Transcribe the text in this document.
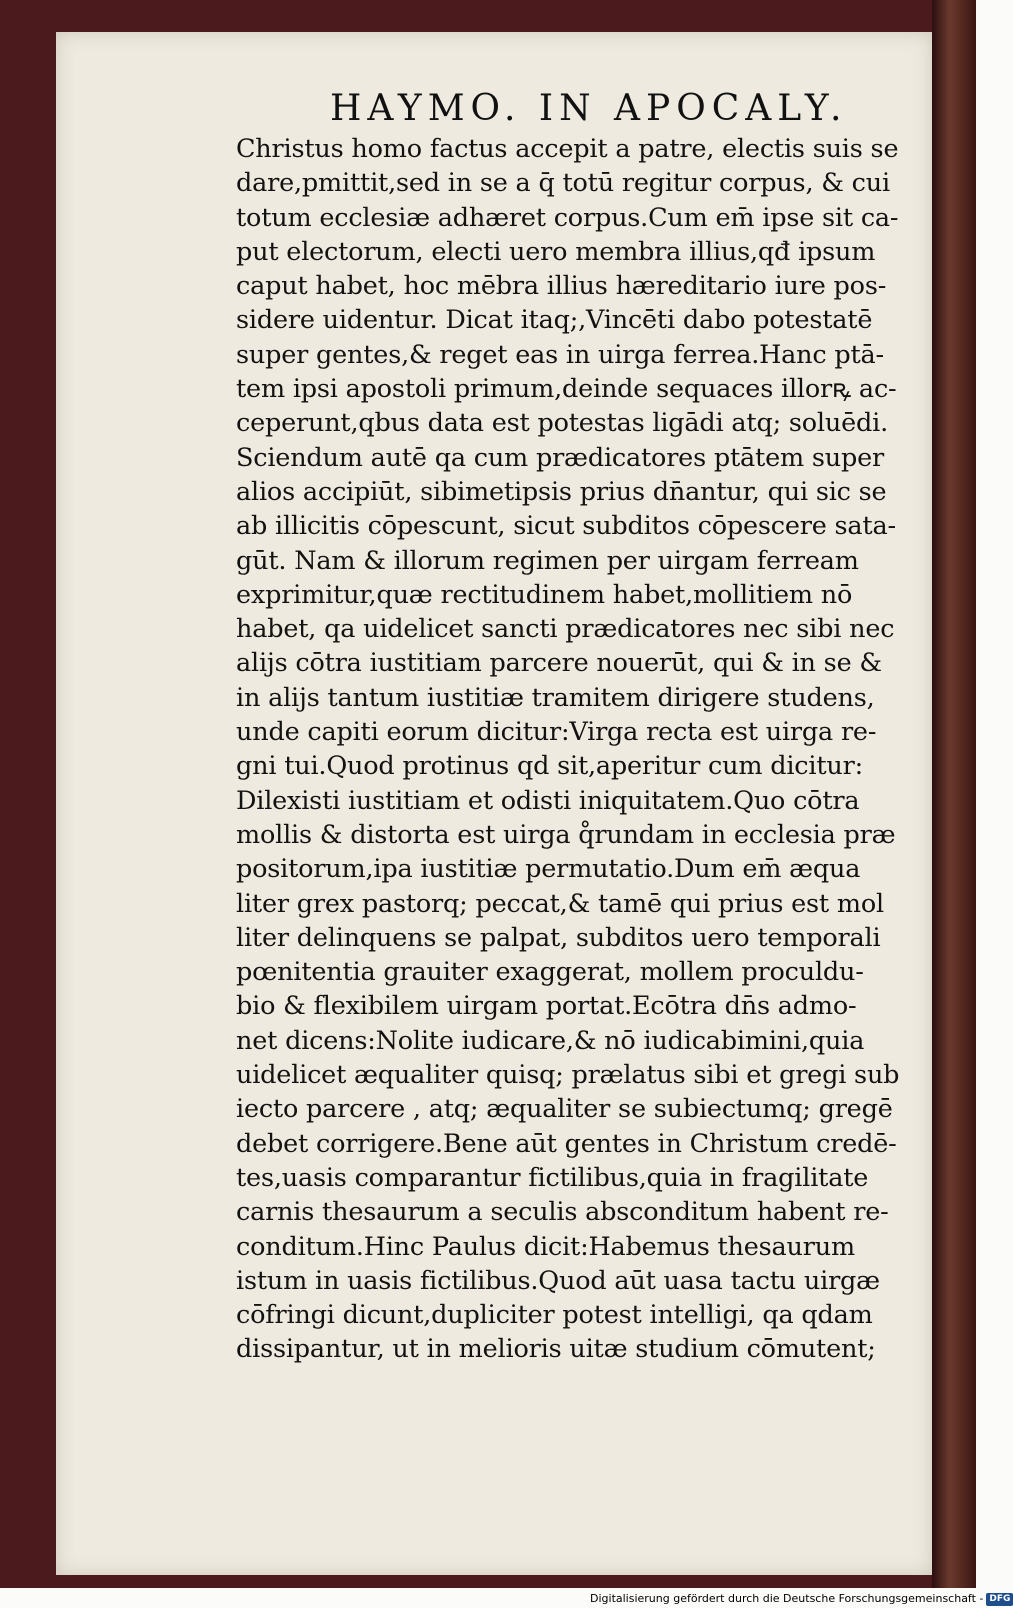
HAYMO. IN APOCALY.
Christus homo factus accepit a patre, electis suis se
dare,pmittit,sed in se a q̄ totū regitur corpus, & cui
totum ecclesiæ adhæret corpus.Cum em̄ ipse sit ca-
put electorum, electi uero membra illius,qđ ipsum
caput habet, hoc mēbra illius hæreditario iure pos-
sidere uidentur. Dicat itaq;,Vincēti dabo potestatē
super gentes,& reget eas in uirga ferrea.Hanc ptā-
tem ipsi apostoli primum,deinde sequaces illorꝶ ac-
ceperunt,qbus data est potestas ligādi atq; soluēdi.
Sciendum autē qa cum prædicatores ptātem super
alios accipiūt, sibimetipsis prius dn̄antur, qui sic se
ab illicitis cōpescunt, sicut subditos cōpescere sata-
gūt. Nam & illorum regimen per uirgam ferream
exprimitur,quæ rectitudinem habet,mollitiem nō
habet, qa uidelicet sancti prædicatores nec sibi nec
alijs cōtra iustitiam parcere nouerūt, qui & in se &
in alijs tantum iustitiæ tramitem dirigere studens,
unde capiti eorum dicitur:Virga recta est uirga re-
gni tui.Quod protinus qd sit,aperitur cum dicitur:
Dilexisti iustitiam et odisti iniquitatem.Quo cōtra
mollis & distorta est uirga q̊rundam in ecclesia præ
positorum,ipa iustitiæ permutatio.Dum em̄ æqua
liter grex pastorq; peccat,& tamē qui prius est mol
liter delinquens se palpat, subditos uero temporali
pœnitentia grauiter exaggerat, mollem proculdu-
bio & flexibilem uirgam portat.Ecōtra dn̄s admo-
net dicens:Nolite iudicare,& nō iudicabimini,quia
uidelicet æqualiter quisq; prælatus sibi et gregi sub
iecto parcere , atq; æqualiter se subiectumq; gregē
debet corrigere.Bene aūt gentes in Christum credē-
tes,uasis comparantur fictilibus,quia in fragilitate
carnis thesaurum a seculis absconditum habent re-
conditum.Hinc Paulus dicit:Habemus thesaurum
istum in uasis fictilibus.Quod aūt uasa tactu uirgæ
cōfringi dicunt,dupliciter potest intelligi, qa qdam
dissipantur, ut in melioris uitæ studium cōmutent;
Digitalisierung gefördert durch die Deutsche Forschungsgemeinschaft - DFG
